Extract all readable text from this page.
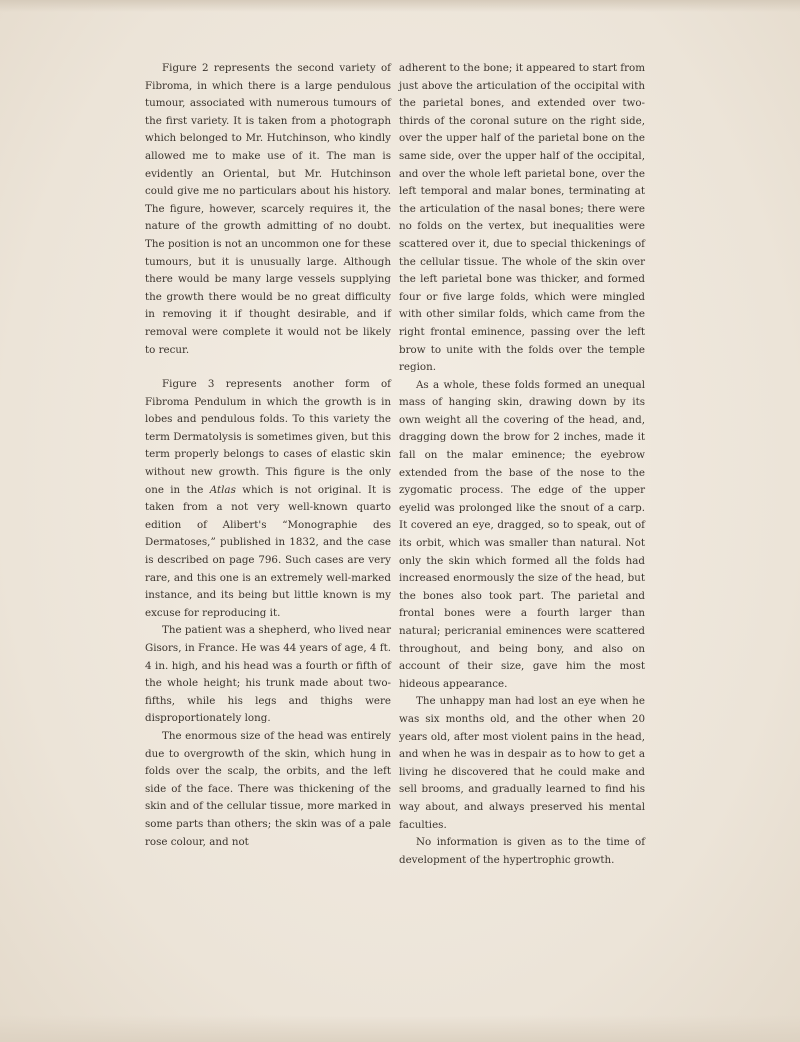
Figure 2 represents the second variety of Fibroma, in which there is a large pendulous tumour, associated with numerous tumours of the first variety. It is taken from a photograph which belonged to Mr. Hutchinson, who kindly allowed me to make use of it. The man is evidently an Oriental, but Mr. Hutchinson could give me no particulars about his history. The figure, however, scarcely requires it, the nature of the growth admitting of no doubt. The position is not an uncommon one for these tumours, but it is unusually large. Although there would be many large vessels supplying the growth there would be no great difficulty in removing it if thought desirable, and if removal were complete it would not be likely to recur.

Figure 3 represents another form of Fibroma Pendulum in which the growth is in lobes and pendulous folds. To this variety the term Dermatolysis is sometimes given, but this term properly belongs to cases of elastic skin without new growth. This figure is the only one in the Atlas which is not original. It is taken from a not very well-known quarto edition of Alibert's “Monographie des Dermatoses,” published in 1832, and the case is described on page 796. Such cases are very rare, and this one is an extremely well-marked instance, and its being but little known is my excuse for reproducing it.

The patient was a shepherd, who lived near Gisors, in France. He was 44 years of age, 4 ft. 4 in. high, and his head was a fourth or fifth of the whole height; his trunk made about two-fifths, while his legs and thighs were disproportionately long.

The enormous size of the head was entirely due to overgrowth of the skin, which hung in folds over the scalp, the orbits, and the left side of the face. There was thickening of the skin and of the cellular tissue, more marked in some parts than others; the skin was of a pale rose colour, and not

adherent to the bone; it appeared to start from just above the articulation of the occipital with the parietal bones, and extended over two-thirds of the coronal suture on the right side, over the upper half of the parietal bone on the same side, over the upper half of the occipital, and over the whole left parietal bone, over the left temporal and malar bones, terminating at the articulation of the nasal bones; there were no folds on the vertex, but inequalities were scattered over it, due to special thickenings of the cellular tissue. The whole of the skin over the left parietal bone was thicker, and formed four or five large folds, which were mingled with other similar folds, which came from the right frontal eminence, passing over the left brow to unite with the folds over the temple region.

As a whole, these folds formed an unequal mass of hanging skin, drawing down by its own weight all the covering of the head, and, dragging down the brow for 2 inches, made it fall on the malar eminence; the eyebrow extended from the base of the nose to the zygomatic process. The edge of the upper eyelid was prolonged like the snout of a carp. It covered an eye, dragged, so to speak, out of its orbit, which was smaller than natural. Not only the skin which formed all the folds had increased enormously the size of the head, but the bones also took part. The parietal and frontal bones were a fourth larger than natural; pericranial eminences were scattered throughout, and being bony, and also on account of their size, gave him the most hideous appearance.

The unhappy man had lost an eye when he was six months old, and the other when 20 years old, after most violent pains in the head, and when he was in despair as to how to get a living he discovered that he could make and sell brooms, and gradually learned to find his way about, and always preserved his mental faculties.

No information is given as to the time of development of the hypertrophic growth.
